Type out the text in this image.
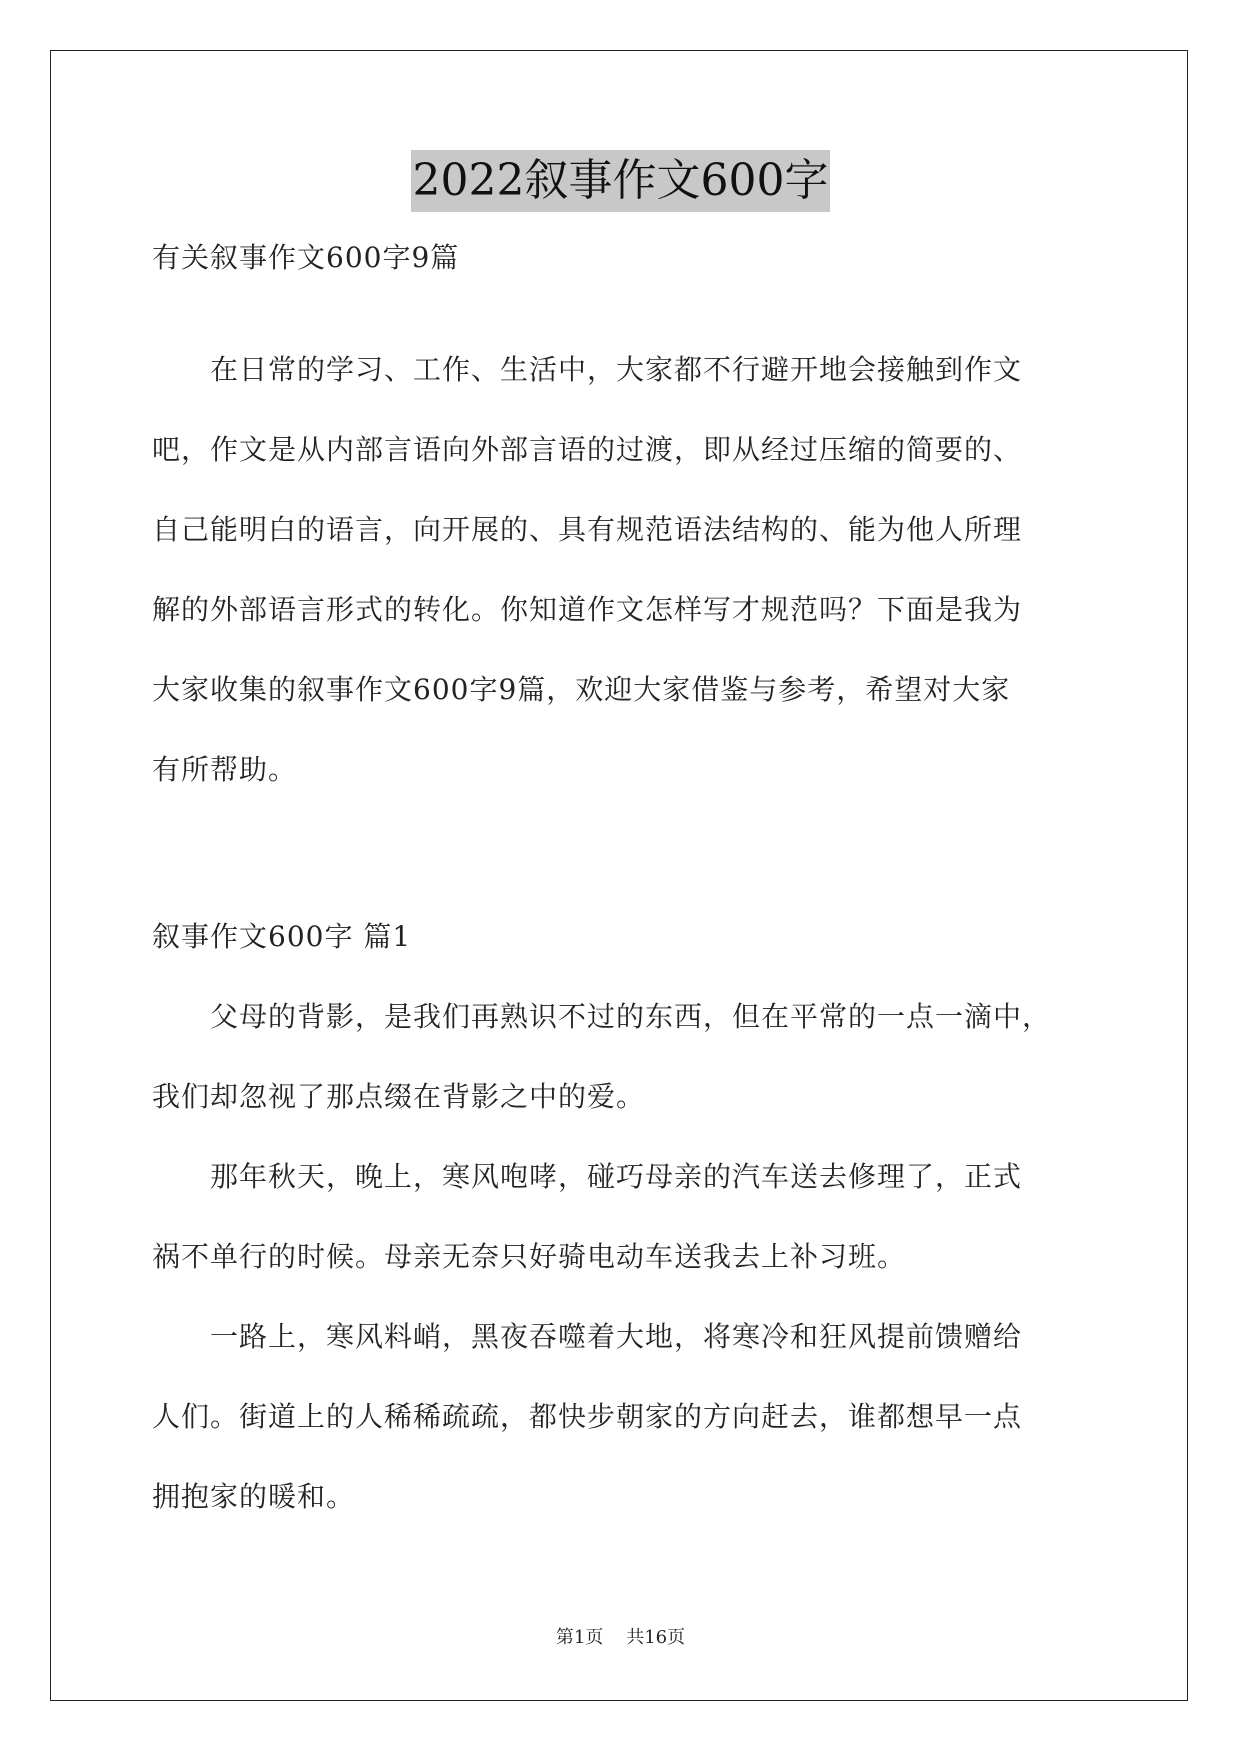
2022叙事作文600字
有关叙事作文600字9篇
　　在日常的学习、工作、生活中，大家都不行避开地会接触到作文
吧，作文是从内部言语向外部言语的过渡，即从经过压缩的简要的、
自己能明白的语言，向开展的、具有规范语法结构的、能为他人所理
解的外部语言形式的转化。你知道作文怎样写才规范吗？下面是我为
大家收集的叙事作文600字9篇，欢迎大家借鉴与参考，希望对大家
有所帮助。
叙事作文600字 篇1
　　父母的背影，是我们再熟识不过的东西，但在平常的一点一滴中，
我们却忽视了那点缀在背影之中的爱。
　　那年秋天，晚上，寒风咆哮，碰巧母亲的汽车送去修理了，正式
祸不单行的时候。母亲无奈只好骑电动车送我去上补习班。
　　一路上，寒风料峭，黑夜吞噬着大地，将寒冷和狂风提前馈赠给
人们。街道上的人稀稀疏疏，都快步朝家的方向赶去，谁都想早一点
拥抱家的暖和。
第1页    共16页
